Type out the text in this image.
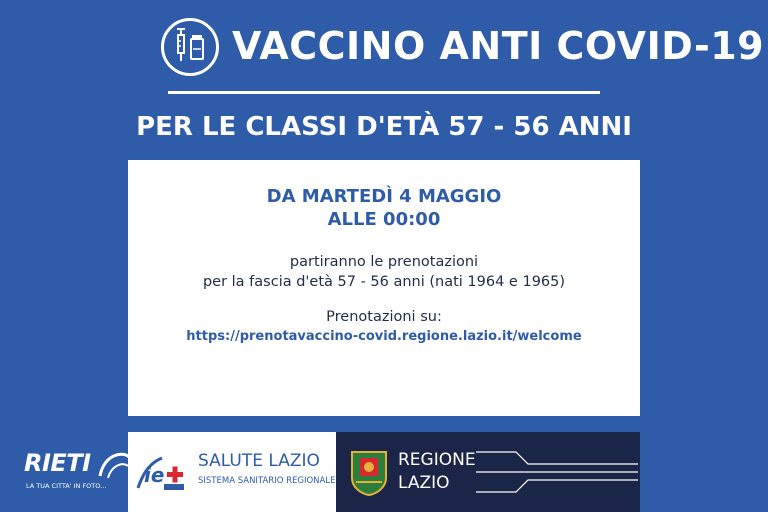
VACCINO ANTI COVID-19
PER LE CLASSI D'ETÀ 57 - 56 ANNI
DA MARTEDÌ 4 MAGGIO
ALLE 00:00
partiranno le prenotazioni
per la fascia d'età 57 - 56 anni (nati 1964 e 1965)
Prenotazioni su:
https://prenotavaccino-covid.regione.lazio.it/welcome
RIETI
LA TUA CITTA' IN FOTO... ie
SALUTE LAZIO
SISTEMA SANITARIO REGIONALE
REGIONE
LAZIO
